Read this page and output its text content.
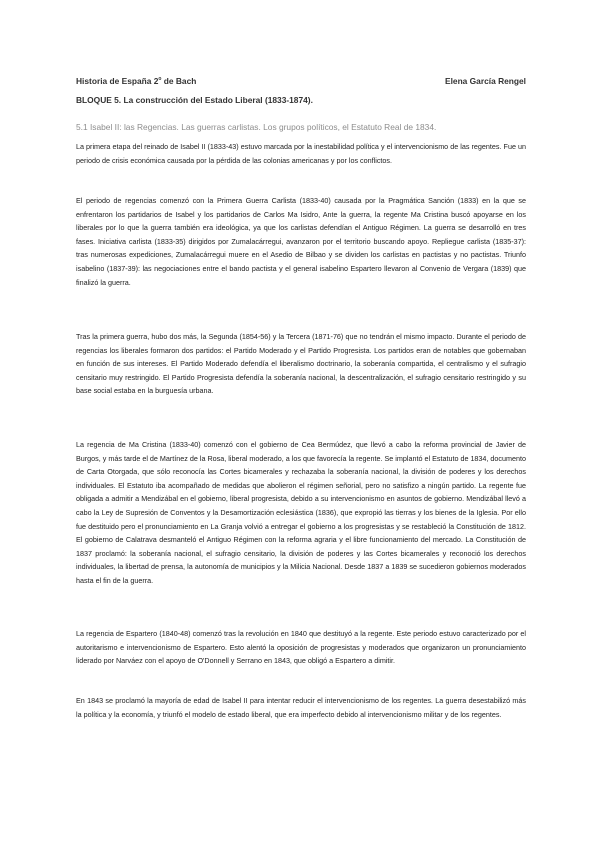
Historia de España 2$^o$ de Bach	Elena García Rengel
BLOQUE 5. La construcción del Estado Liberal (1833-1874).
5.1 Isabel II: las Regencias. Las guerras carlistas. Los grupos políticos, el Estatuto Real de 1834.

La primera etapa del reinado de Isabel II (1833-43) estuvo marcada por la inestabilidad política y el intervencionismo de las regentes. Fue un periodo de crisis económica causada por la pérdida de las colonias americanas y por los conflictos.

El periodo de regencias comenzó con la Primera Guerra Carlista (1833-40) causada por la Pragmática Sanción (1833) en la que se enfrentaron los partidarios de Isabel y los partidarios de Carlos Ma Isidro, Ante la guerra, la regente Ma Cristina buscó apoyarse en los liberales por lo que la guerra también era ideológica, ya que los carlistas defendían el Antiguo Régimen. La guerra se desarrolló en tres fases. Iniciativa carlista (1833-35) dirigidos por Zumalacárregui, avanzaron por el territorio buscando apoyo. Repliegue carlista (1835-37): tras numerosas expediciones, Zumalacárregui muere en el Asedio de Bilbao y se dividen los carlistas en pactistas y no pactistas. Triunfo isabelino (1837-39): las negociaciones entre el bando pactista y el general isabelino Espartero llevaron al Convenio de Vergara (1839) que finalizó la guerra.

Tras la primera guerra, hubo dos más, la Segunda (1854-56) y la Tercera (1871-76) que no tendrán el mismo impacto. Durante el periodo de regencias los liberales formaron dos partidos: el Partido Moderado y el Partido Progresista. Los partidos eran de notables que gobernaban en función de sus intereses. El Partido Moderado defendía el liberalismo doctrinario, la soberanía compartida, el centralismo y el sufragio censitario muy restringido. El Partido Progresista defendía la soberanía nacional, la descentralización, el sufragio censitario restringido y su base social estaba en la burguesía urbana.

La regencia de Ma Cristina (1833-40) comenzó con el gobierno de Cea Bermúdez, que llevó a cabo la reforma provincial de Javier de Burgos, y más tarde el de Martínez de la Rosa, liberal moderado, a los que favorecía la regente. Se implantó el Estatuto de 1834, documento de Carta Otorgada, que sólo reconocía las Cortes bicamerales y rechazaba la soberanía nacional, la división de poderes y los derechos individuales. El Estatuto iba acompañado de medidas que abolieron el régimen señorial, pero no satisfizo a ningún partido. La regente fue obligada a admitir a Mendizábal en el gobierno, liberal progresista, debido a su intervencionismo en asuntos de gobierno. Mendizábal llevó a cabo la Ley de Supresión de Conventos y la Desamortización eclesiástica (1836), que expropió las tierras y los bienes de la Iglesia. Por ello fue destituido pero el pronunciamiento en La Granja volvió a entregar el gobierno a los progresistas y se restableció la Constitución de 1812. El gobierno de Calatrava desmanteló el Antiguo Régimen con la reforma agraria y el libre funcionamiento del mercado. La Constitución de 1837 proclamó: la soberanía nacional, el sufragio censitario, la división de poderes y las Cortes bicamerales y reconoció los derechos individuales, la libertad de prensa, la autonomía de municipios y la Milicia Nacional. Desde 1837 a 1839 se sucedieron gobiernos moderados hasta el fin de la guerra.

La regencia de Espartero (1840-48) comenzó tras la revolución en 1840 que destituyó a la regente. Este periodo estuvo caracterizado por el autoritarismo e intervencionismo de Espartero. Esto alentó la oposición de progresistas y moderados que organizaron un pronunciamiento liderado por Narváez con el apoyo de O'Donnell y Serrano en 1843, que obligó a Espartero a dimitir.

En 1843 se proclamó la mayoría de edad de Isabel II para intentar reducir el intervencionismo de los regentes. La guerra desestabilizó más la política y la economía, y triunfó el modelo de estado liberal, que era imperfecto debido al intervencionismo militar y de los regentes.
